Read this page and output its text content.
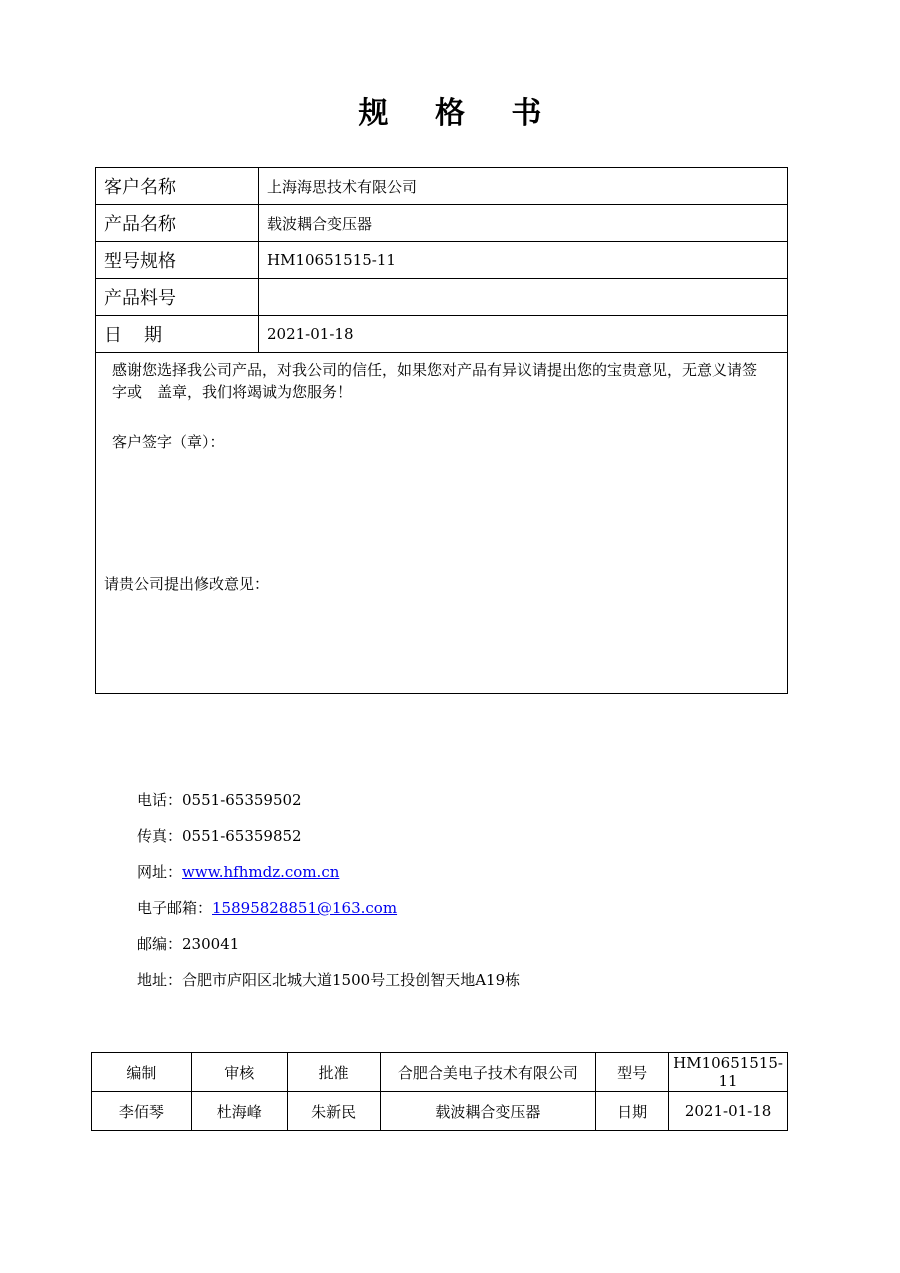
规 格 书
客户名称	上海海思技术有限公司
产品名称	载波耦合变压器
型号规格	HM10651515-11
产品料号	
日期	2021-01-18

感谢您选择我公司产品，对我公司的信任，如果您对产品有异议请提出您的宝贵意见，无意义请签字或　盖章，我们将竭诚为您服务！
客户签字（章）：
请贵公司提出修改意见：	
电话：0551-65359502
传真：0551-65359852
网址：www.hfhmdz.com.cn
电子邮箱：15895828851@163.com
邮编：230041
地址：合肥市庐阳区北城大道1500号工投创智天地A19栋
编制	审核	批准	合肥合美电子技术有限公司	型号	HM10651515-11
李佰琴	杜海峰	朱新民	载波耦合变压器	日期	2021-01-18
